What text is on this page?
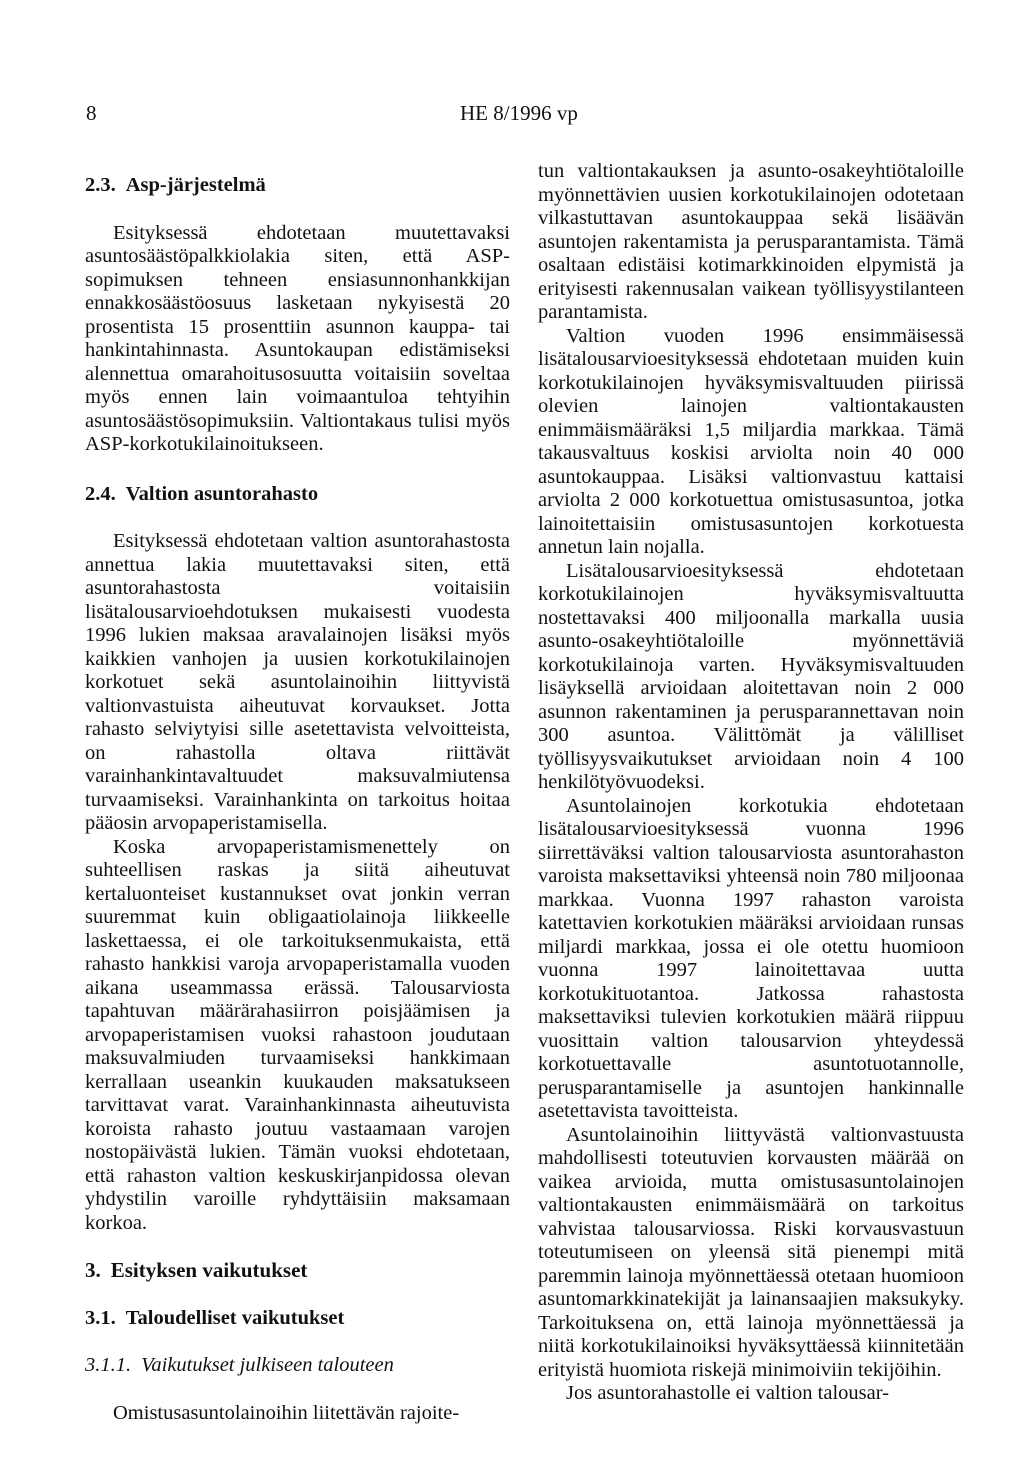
8	HE 8/1996 vp
2.3. Asp-järjestelmä

Esityksessä ehdotetaan muutettavaksi asuntosäästöpalkkiolakia siten, että ASP-sopimuksen tehneen ensiasunnonhankkijan ennakkosäästöosuus lasketaan nykyisestä 20 prosentista 15 prosenttiin asunnon kauppa- tai hankintahinnasta. Asuntokaupan edistämiseksi alennettua omarahoitusosuutta voitaisiin soveltaa myös ennen lain voimaantuloa tehtyihin asuntosäästösopimuksiin. Valtiontakaus tulisi myös ASP-korkotukilainoitukseen.

2.4. Valtion asuntorahasto

Esityksessä ehdotetaan valtion asuntorahastosta annettua lakia muutettavaksi siten, että asuntorahastosta voitaisiin lisätalousarvioehdotuksen mukaisesti vuodesta 1996 lukien maksaa aravalainojen lisäksi myös kaikkien vanhojen ja uusien korkotukilainojen korkotuet sekä asuntolainoihin liittyvistä valtionvastuista aiheutuvat korvaukset. Jotta rahasto selviytyisi sille asetettavista velvoitteista, on rahastolla oltava riittävät varainhankintavaltuudet maksuvalmiutensa turvaamiseksi. Varainhankinta on tarkoitus hoitaa pääosin arvopaperistamisella.

Koska arvopaperistamismenettely on suhteellisen raskas ja siitä aiheutuvat kertaluonteiset kustannukset ovat jonkin verran suuremmat kuin obligaatiolainoja liikkeelle laskettaessa, ei ole tarkoituksenmukaista, että rahasto hankkisi varoja arvopaperistamalla vuoden aikana useammassa erässä. Talousarviosta tapahtuvan määrärahasiirron poisjäämisen ja arvopaperistamisen vuoksi rahastoon joudutaan maksuvalmiuden turvaamiseksi hankkimaan kerrallaan useankin kuukauden maksatukseen tarvittavat varat. Varainhankinnasta aiheutuvista koroista rahasto joutuu vastaamaan varojen nostopäivästä lukien. Tämän vuoksi ehdotetaan, että rahaston valtion keskuskirjanpidossa olevan yhdystilin varoille ryhdyttäisiin maksamaan korkoa.

3. Esityksen vaikutukset
3.1. Taloudelliset vaikutukset
3.1.1. Vaikutukset julkiseen talouteen

Omistusasuntolainoihin liitettävän rajoite-

tun valtiontakauksen ja asunto-osakeyhtiötaloille myönnettävien uusien korkotukilainojen odotetaan vilkastuttavan asuntokauppaa sekä lisäävän asuntojen rakentamista ja perusparantamista. Tämä osaltaan edistäisi kotimarkkinoiden elpymistä ja erityisesti rakennusalan vaikean työllisyystilanteen parantamista.

Valtion vuoden 1996 ensimmäisessä lisätalousarvioesityksessä ehdotetaan muiden kuin korkotukilainojen hyväksymisvaltuuden piirissä olevien lainojen valtiontakausten enimmäismääräksi 1,5 miljardia markkaa. Tämä takausvaltuus koskisi arviolta noin 40 000 asuntokauppaa. Lisäksi valtionvastuu kattaisi arviolta 2 000 korkotuettua omistusasuntoa, jotka lainoitettaisiin omistusasuntojen korkotuesta annetun lain nojalla.

Lisätalousarvioesityksessä ehdotetaan korkotukilainojen hyväksymisvaltuutta nostettavaksi 400 miljoonalla markalla uusia asunto-osakeyhtiötaloille myönnettäviä korkotukilainoja varten. Hyväksymisvaltuuden lisäyksellä arvioidaan aloitettavan noin 2 000 asunnon rakentaminen ja perusparannettavan noin 300 asuntoa. Välittömät ja välilliset työllisyysvaikutukset arvioidaan noin 4 100 henkilötyövuodeksi.

Asuntolainojen korkotukia ehdotetaan lisätalousarvioesityksessä vuonna 1996 siirrettäväksi valtion talousarviosta asuntorahaston varoista maksettaviksi yhteensä noin 780 miljoonaa markkaa. Vuonna 1997 rahaston varoista katettavien korkotukien määräksi arvioidaan runsas miljardi markkaa, jossa ei ole otettu huomioon vuonna 1997 lainoitettavaa uutta korkotukituotantoa. Jatkossa rahastosta maksettaviksi tulevien korkotukien määrä riippuu vuosittain valtion talousarvion yhteydessä korkotuettavalle asuntotuotannolle, perusparantamiselle ja asuntojen hankinnalle asetettavista tavoitteista.

Asuntolainoihin liittyvästä valtionvastuusta mahdollisesti toteutuvien korvausten määrää on vaikea arvioida, mutta omistusasuntolainojen valtiontakausten enimmäismäärä on tarkoitus vahvistaa talousarviossa. Riski korvausvastuun toteutumiseen on yleensä sitä pienempi mitä paremmin lainoja myönnettäessä otetaan huomioon asuntomarkkinatekijät ja lainansaajien maksukyky. Tarkoituksena on, että lainoja myönnettäessä ja niitä korkotukilainoiksi hyväksyttäessä kiinnitetään erityistä huomiota riskejä minimoiviin tekijöihin.

Jos asuntorahastolle ei valtion talousar-
